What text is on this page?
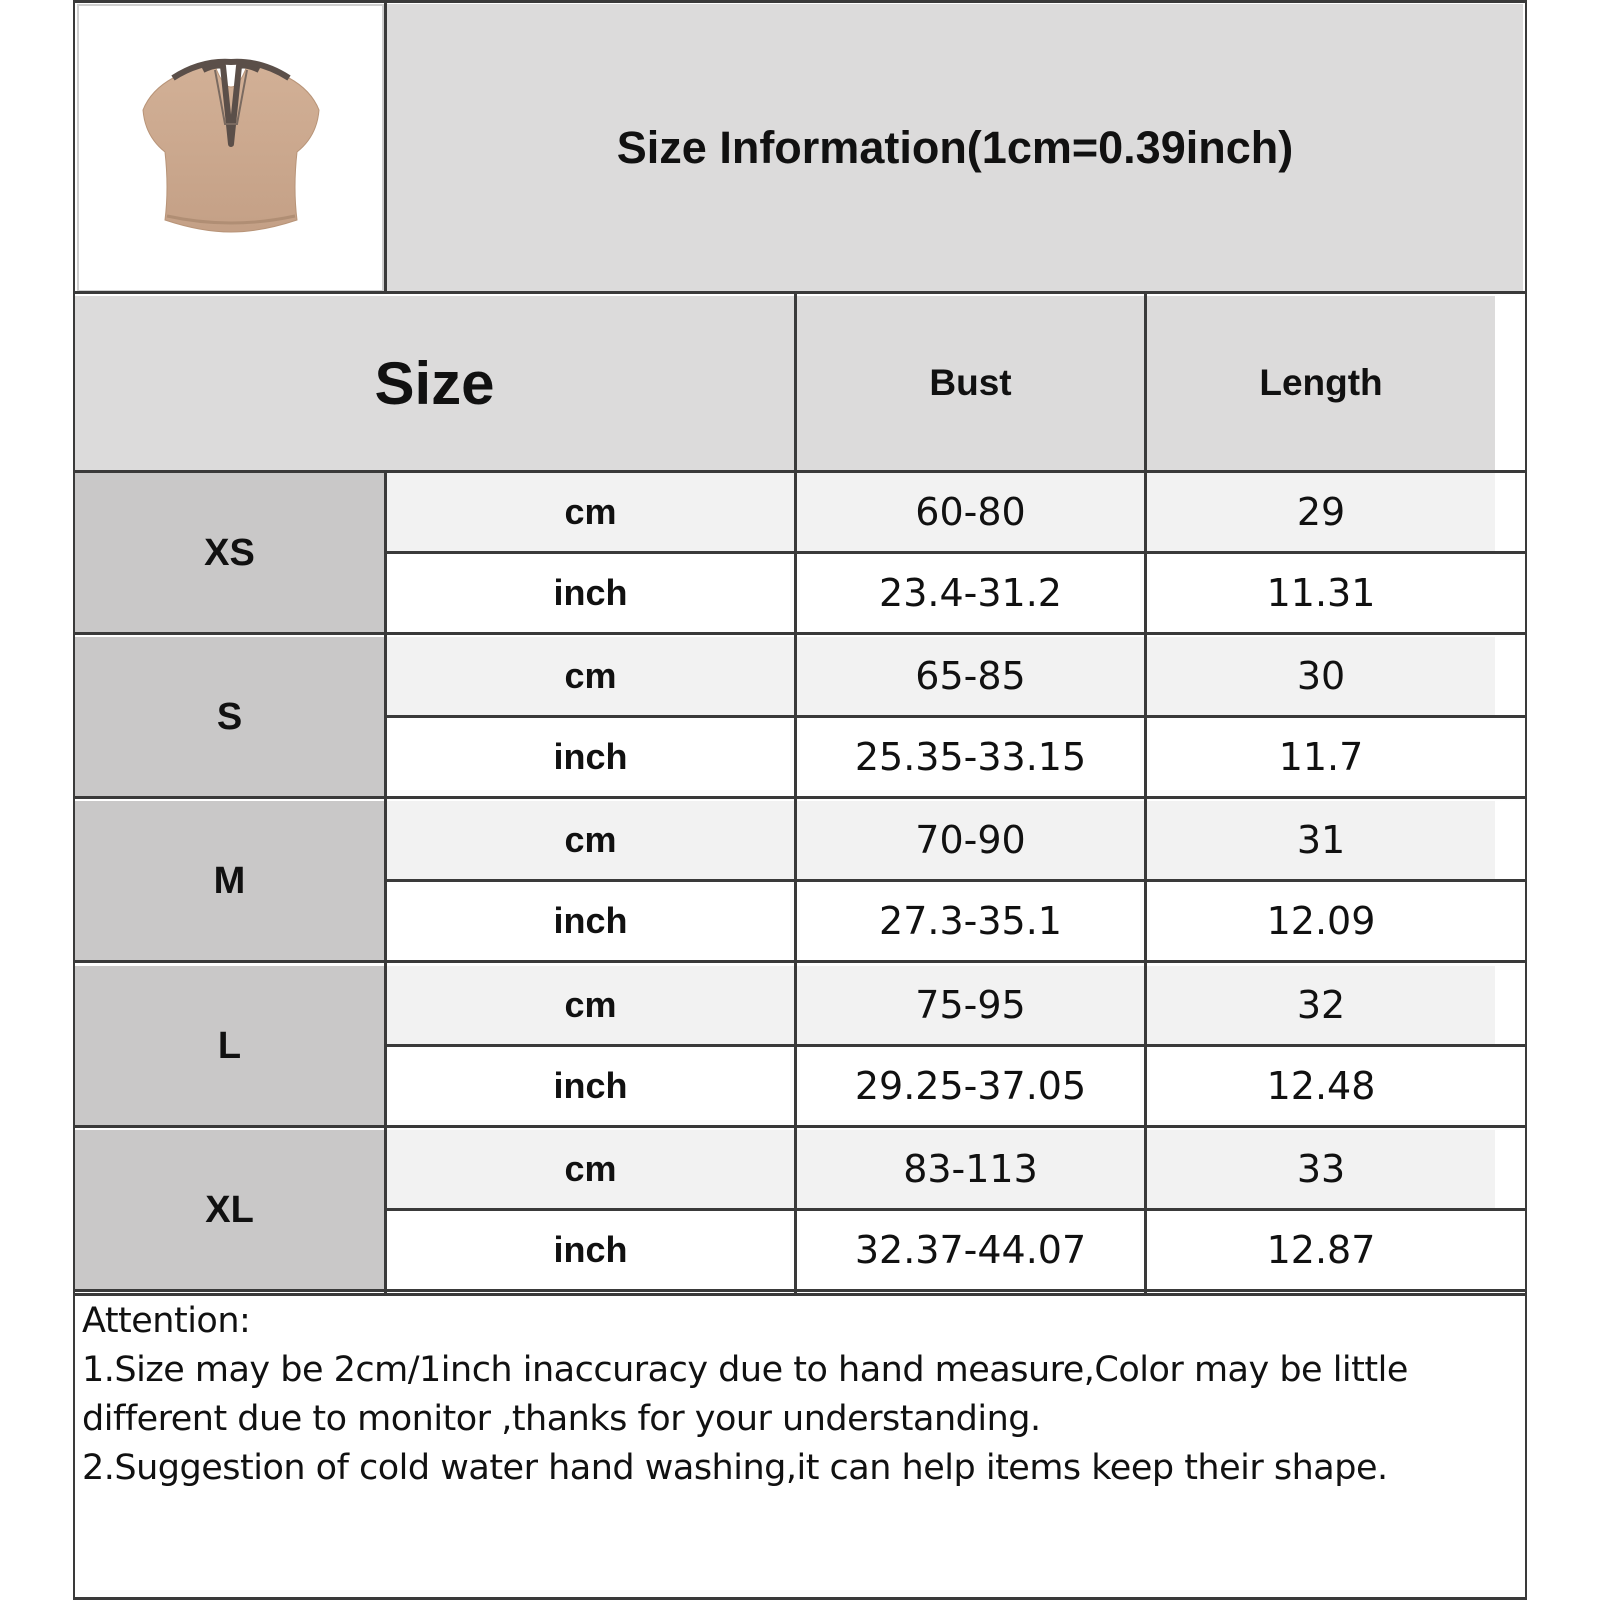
Size Information(1cm=0.39inch)
Size	Bust	Length
XS
cm	60-80	29
inch	23.4-31.2	11.31
S
cm	65-85	30
inch	25.35-33.15	11.7
M
cm	70-90	31
inch	27.3-35.1	12.09
L
cm	75-95	32
inch	29.25-37.05	12.48
XL
cm	83-113	33
inch	32.37-44.07	12.87
Attention:
1.Size may be 2cm/1inch inaccuracy due to hand measure,Color may be little
different due to monitor ,thanks for your understanding.
2.Suggestion of cold water hand washing,it can help items keep their shape.
